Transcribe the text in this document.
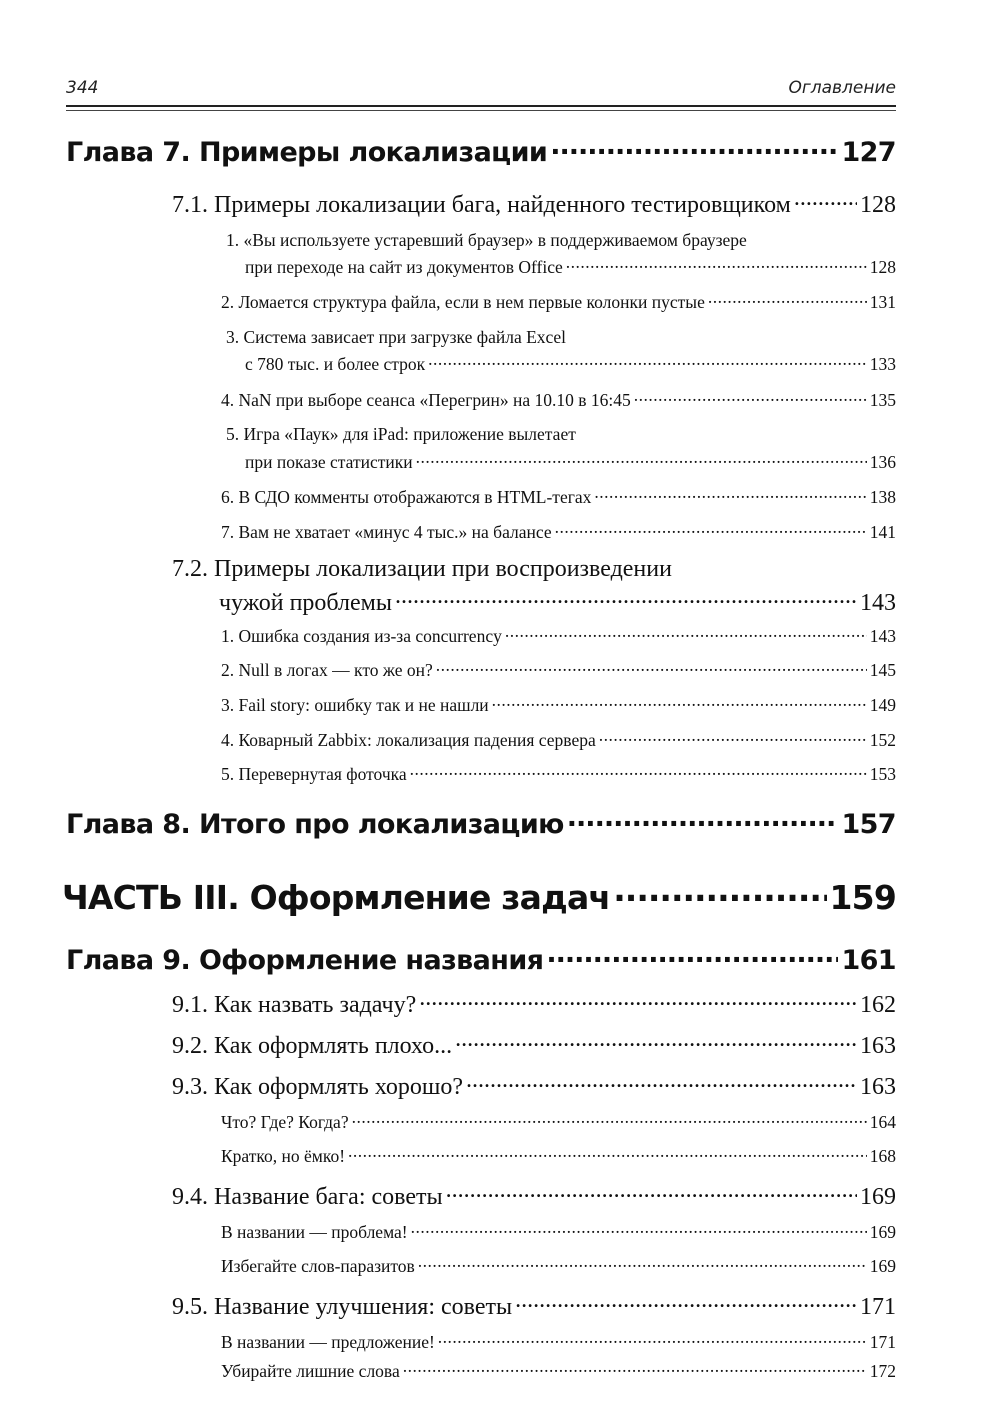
344	Оглавление
Глава 7. Примеры локализации .....	127
7.1. Примеры локализации бага, найденного тестировщиком .....	128
1. «Вы используете устаревший браузер» в поддерживаемом браузере
при переходе на сайт из документов Office .....	128
2. Ломается структура файла, если в нем первые колонки пустые .....	131
3. Система зависает при загрузке файла Excel
с 780 тыс. и более строк .....	133
4. NaN при выборе сеанса «Перегрин» на 10.10 в 16:45 .....	135
5. Игра «Паук» для iPad: приложение вылетает
при показе статистики .....	136
6. В СДО комменты отображаются в HTML-тегах .....	138
7. Вам не хватает «минус 4 тыс.» на балансе .....	141
7.2. Примеры локализации при воспроизведении
чужой проблемы .....	143
1. Ошибка создания из-за concurrency .....	143
2. Null в логах — кто же он? .....	145
3. Fail story: ошибку так и не нашли .....	149
4. Коварный Zabbix: локализация падения сервера .....	152
5. Перевернутая фоточка .....	153
Глава 8. Итого про локализацию .....	157
ЧАСТЬ III. Оформление задач .....	159
Глава 9. Оформление названия .....	161
9.1. Как назвать задачу? .....	162
9.2. Как оформлять плохо... .....	163
9.3. Как оформлять хорошо? .....	163
Что? Где? Когда? .....	164
Кратко, но ёмко! .....	168
9.4. Название бага: советы .....	169
В названии — проблема! .....	169
Избегайте слов-паразитов .....	169
9.5. Название улучшения: советы .....	171
В названии — предложение! .....	171
Убирайте лишние слова .....	172
